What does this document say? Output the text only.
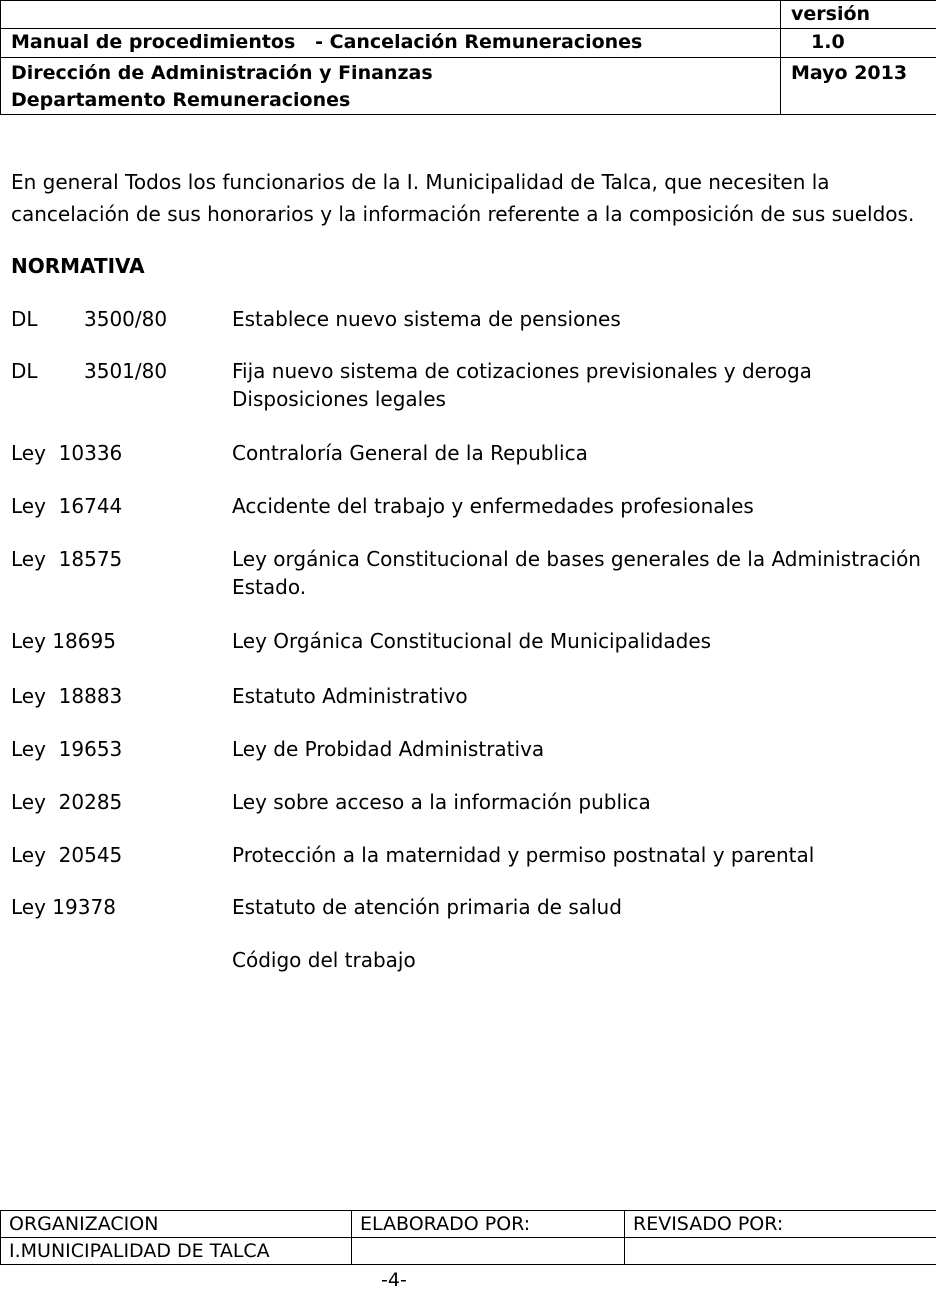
	versión
Manual de procedimientos   - Cancelación Remuneraciones	1.0

Dirección de Administración y Finanzas
Departamento Remuneraciones	Mayo 2013
En general Todos los funcionarios de la I. Municipalidad de Talca, que necesiten la cancelación de sus honorarios y la información referente a la composición de sus sueldos.
NORMATIVA
DL 3500/80	Establece nuevo sistema de pensiones
DL 3501/80	Fija nuevo sistema de cotizaciones previsionales y deroga
Disposiciones legales
Ley  10336	Contraloría General de la Republica
Ley  16744	Accidente del trabajo y enfermedades profesionales
Ley  18575	Ley orgánica Constitucional de bases generales de la Administración
Estado.
Ley 18695	Ley Orgánica Constitucional de Municipalidades
Ley  18883	Estatuto Administrativo
Ley  19653	Ley de Probidad Administrativa
Ley  20285	Ley sobre acceso a la información publica
Ley  20545	Protección a la maternidad y permiso postnatal y parental
Ley 19378	Estatuto de atención primaria de salud
Código del trabajo
ORGANIZACION	ELABORADO POR:	REVISADO POR:
I.MUNICIPALIDAD DE TALCA		
-4-
